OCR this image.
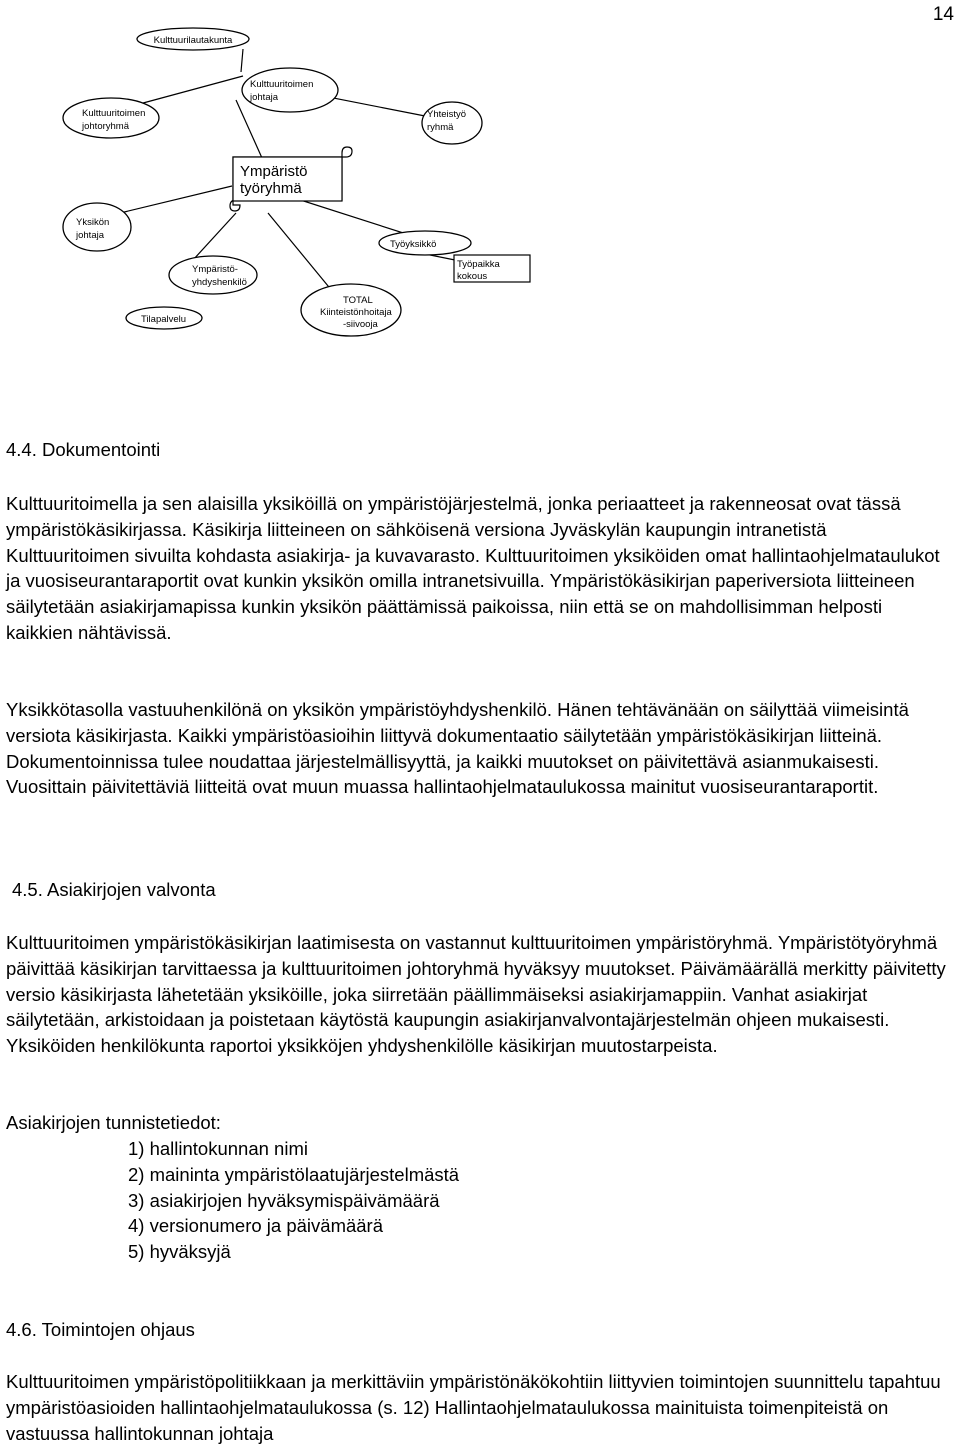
14
Kulttuurilautakunta
Kulttuuritoimen
johtaja
Kulttuuritoimen
johtoryhmä
Yhteistyö
ryhmä
Ympäristö
työryhmä
Yksikön
johtaja
Työyksikkö
Työpaikka
kokous
Ympäristö-
yhdyshenkilö
TOTAL
Kiinteistönhoitaja
-siivooja
Tilapalvelu
4.4. Dokumentointi

Kulttuuritoimella ja sen alaisilla yksiköillä on ympäristöjärjestelmä, jonka periaatteet ja rakenneosat ovat tässä ympäristökäsikirjassa. Käsikirja liitteineen on sähköisenä versiona Jyväskylän kaupungin intranetistä Kulttuuritoimen sivuilta kohdasta asiakirja- ja kuvavarasto. Kulttuuritoimen yksiköiden omat hallintaohjelmataulukot ja vuosiseurantaraportit ovat kunkin yksikön omilla intranetsivuilla. Ympäristökäsikirjan paperiversiota liitteineen säilytetään asiakirjamapissa kunkin yksikön päättämissä paikoissa, niin että se on mahdollisimman helposti kaikkien nähtävissä.

Yksikkötasolla vastuuhenkilönä on yksikön ympäristöyhdyshenkilö. Hänen tehtävänään on säilyttää viimeisintä versiota käsikirjasta. Kaikki ympäristöasioihin liittyvä dokumentaatio säilytetään ympäristökäsikirjan liitteinä. Dokumentoinnissa tulee noudattaa järjestelmällisyyttä, ja kaikki muutokset on päivitettävä asianmukaisesti. Vuosittain päivitettäviä liitteitä ovat muun muassa hallintaohjelmataulukossa mainitut vuosiseurantaraportit.

4.5. Asiakirjojen valvonta

Kulttuuritoimen ympäristökäsikirjan laatimisesta on vastannut kulttuuritoimen ympäristöryhmä. Ympäristötyöryhmä päivittää käsikirjan tarvittaessa ja kulttuuritoimen johtoryhmä hyväksyy muutokset. Päivämäärällä merkitty päivitetty versio käsikirjasta lähetetään yksiköille, joka siirretään päällimmäiseksi asiakirjamappiin. Vanhat asiakirjat säilytetään, arkistoidaan ja poistetaan käytöstä kaupungin asiakirjanvalvontajärjestelmän ohjeen mukaisesti. Yksiköiden henkilökunta raportoi yksikköjen yhdyshenkilölle käsikirjan muutostarpeista.

Asiakirjojen tunnistetiedot:
1) hallintokunnan nimi
2) maininta ympäristölaatujärjestelmästä
3) asiakirjojen hyväksymispäivämäärä
4) versionumero ja päivämäärä
5) hyväksyjä
4.6. Toimintojen ohjaus

Kulttuuritoimen ympäristöpolitiikkaan ja merkittäviin ympäristönäkökohtiin liittyvien toimintojen suunnittelu tapahtuu ympäristöasioiden hallintaohjelmataulukossa (s. 12) Hallintaohjelmataulukossa mainituista toimenpiteistä on vastuussa hallintokunnan johtaja
